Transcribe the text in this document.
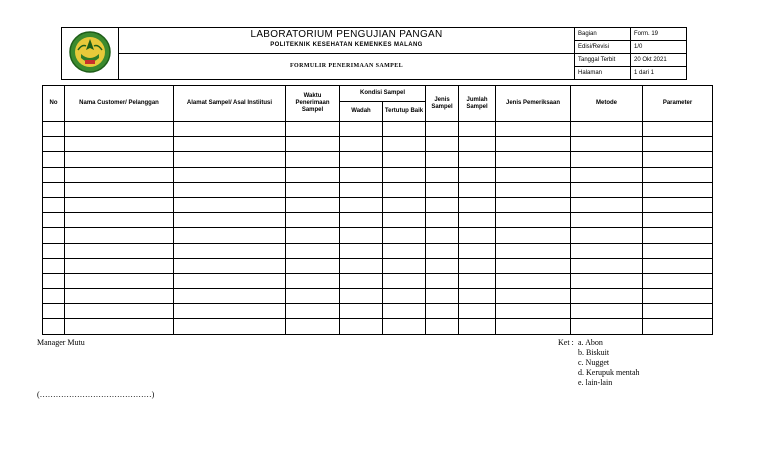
LABORATORIUM PENGUJIAN PANGAN
POLITEKNIK KESEHATAN KEMENKES MALANG	Bagian	Form. 19
		Edisi/Revisi	1/0
	FORMULIR PENERIMAAN SAMPEL	Tanggal Terbit	20 Okt 2021
		Halaman	1 dari 1
No	Nama Customer/ Pelanggan	Alamat Sampel/ Asal Instiitusi	Waktu Penerimaan Sampel	Kondisi Sampel		Jenis Sampel	Jumlah Sampel	Jenis Pemeriksaan	Metode	Parameter
				Wadah	Tertutup Baik					

Manager Mutu
(……………………………………)
Ket : a. Abon
b. Biskuit
c. Nugget
d. Kerupuk mentah
e. lain-lain
